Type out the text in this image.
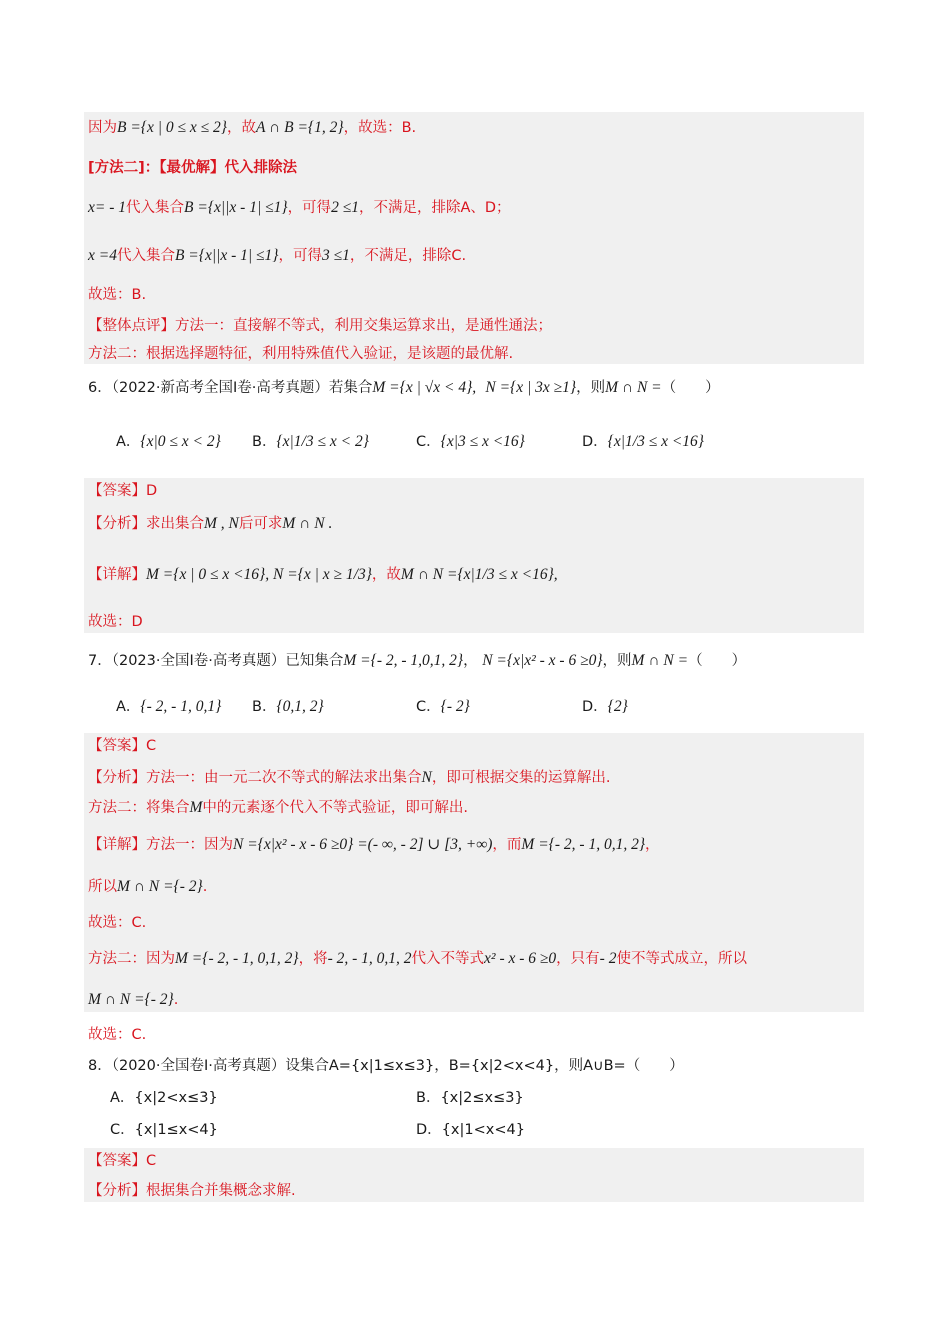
因为B ={x | 0 ≤ x ≤ 2}，故A ∩ B ={1, 2}，故选：B.
[方法二]：【最优解】代入排除法
x= - 1代入集合B ={x||x - 1| ≤1}，可得2 ≤1，不满足，排除A、D；
x =4代入集合B ={x||x - 1| ≤1}，可得3 ≤1，不满足，排除C.
故选：B.
【整体点评】方法一：直接解不等式，利用交集运算求出，是通性通法；
方法二：根据选择题特征，利用特殊值代入验证，是该题的最优解.
6．（2022·新高考全国Ⅰ卷·高考真题）若集合M ={x | √x < 4}, N ={x | 3x ≥1}，则M ∩ N =（　　）
A．{x|0 ≤ x < 2} B．{x|1/3 ≤ x < 2}	C．{x|3 ≤ x <16}	D．{x|1/3 ≤ x <16}
【答案】D
【分析】求出集合M , N后可求M ∩ N .
【详解】M ={x | 0 ≤ x <16}, N ={x | x ≥ 1/3}，故M ∩ N ={x|1/3 ≤ x <16},
故选：D
7．（2023·全国Ⅰ卷·高考真题）已知集合M ={- 2, - 1,0,1, 2}， N ={x|x² - x - 6 ≥0}，则M ∩ N =（　　）
A．{- 2, - 1, 0,1} B．{0,1, 2}	C．{- 2}	D．{2}
【答案】C
【分析】方法一：由一元二次不等式的解法求出集合N，即可根据交集的运算解出.
方法二：将集合M中的元素逐个代入不等式验证，即可解出.
【详解】方法一：因为N ={x|x² - x - 6 ≥0} =(- ∞, - 2] ∪ [3, +∞)，而M ={- 2, - 1, 0,1, 2}，
所以M ∩ N ={- 2}.
故选：C.
方法二：因为M ={- 2, - 1, 0,1, 2}，将- 2, - 1, 0,1, 2代入不等式x² - x - 6 ≥0，只有- 2使不等式成立，所以
M ∩ N ={- 2}.
故选：C.
8．（2020·全国卷Ⅰ·高考真题）设集合A={x|1≤x≤3}，B={x|2<x<4}，则A∪B=（　　）
A．{x|2<x≤3}	B．{x|2≤x≤3}
C．{x|1≤x<4}	D．{x|1<x<4}
【答案】C
【分析】根据集合并集概念求解.
